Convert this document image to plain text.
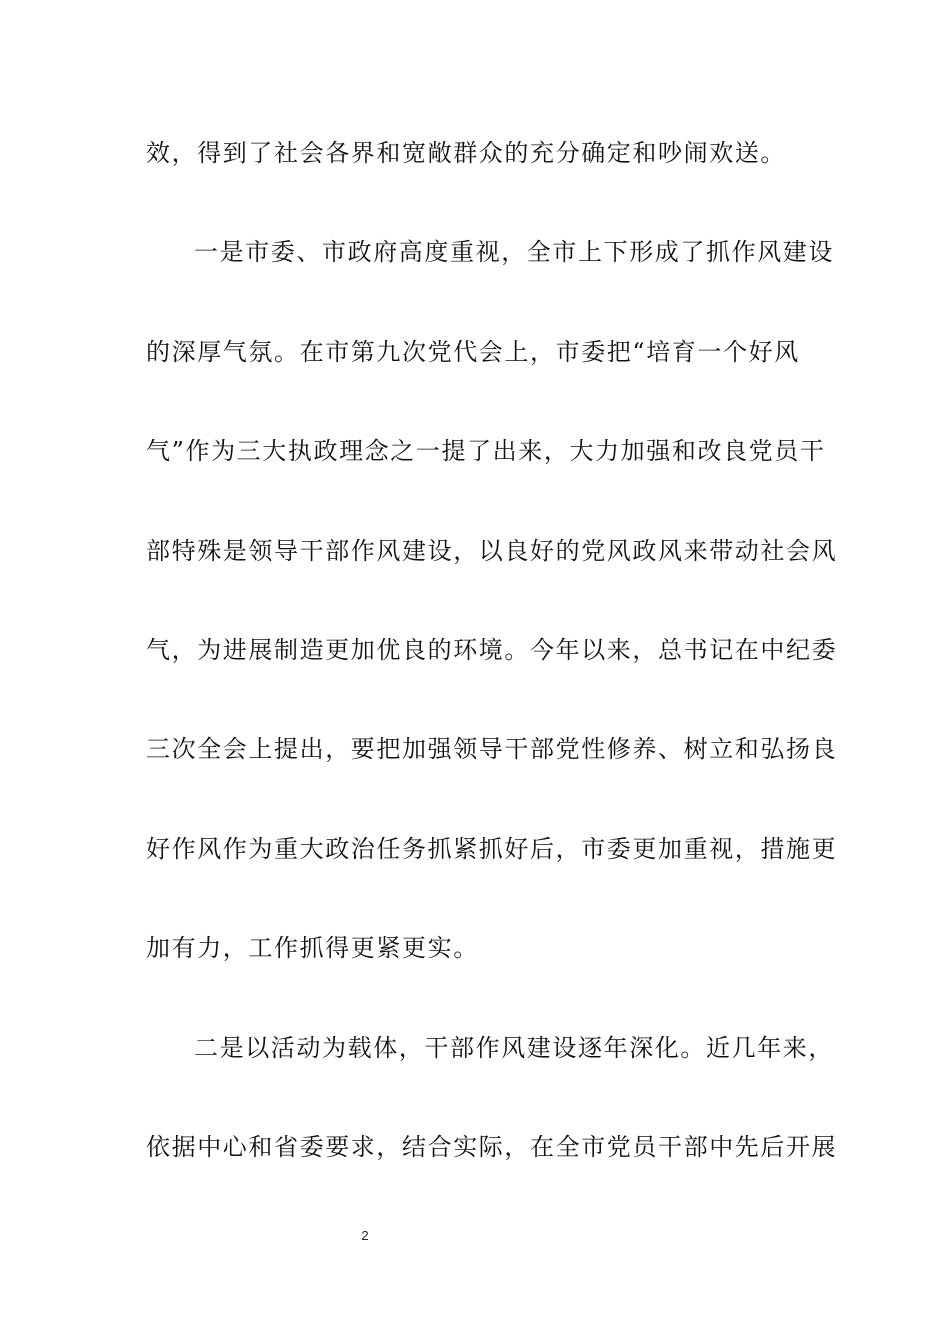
效，得到了社会各界和宽敞群众的充分确定和吵闹欢送。
一是市委、市政府高度重视，全市上下形成了抓作风建设
的深厚气氛。在市第九次党代会上，市委把“培育一个好风
气”作为三大执政理念之一提了出来，大力加强和改良党员干
部特殊是领导干部作风建设，以良好的党风政风来带动社会风
气，为进展制造更加优良的环境。今年以来，总书记在中纪委
三次全会上提出，要把加强领导干部党性修养、树立和弘扬良
好作风作为重大政治任务抓紧抓好后，市委更加重视，措施更
加有力，工作抓得更紧更实。
二是以活动为载体，干部作风建设逐年深化。近几年来，
依据中心和省委要求，结合实际，在全市党员干部中先后开展
2
